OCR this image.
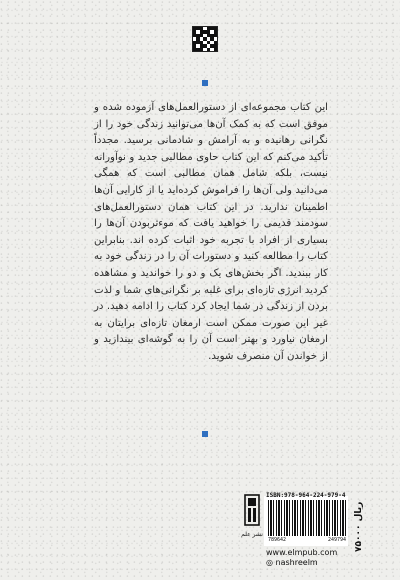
این کتاب مجموعه‌ای از دستورالعمل‌های آزموده شده و موفق است که به کمک آن‌ها می‌توانید زندگی خود را از نگرانی رهانیده و به آرامش و شادمانی برسید. مجدداً تأکید می‌کنم که این کتاب حاوی مطالبی جدید و نوآورانه نیست، بلکه شامل همان مطالبی است که همگی می‌دانید ولی آن‌ها را فراموش کرده‌اید یا از کارایی آن‌ها اطمینان ندارید. در این کتاب همان دستورالعمل‌های سودمند قدیمی را خواهید یافت که موءثربودن آن‌ها را بسیاری از افراد با تجربه خود اثبات کرده اند. بنابراین کتاب را مطالعه کنید و دستورات آن را در زندگی خود به کار ببندید. اگر بخش‌های یک و دو را خواندید و مشاهده کردید انرژی تازه‌ای برای غلبه بر نگرانی‌های شما و لذت بردن از زندگی در شما ایجاد کرد کتاب را ادامه دهید. در غیر این صورت ممکن است ارمغان تازه‌ای برایتان به ارمغان نیاورد و بهتر است آن را به گوشه‌ای بیندازید و از خواندن آن منصرف شوید.

نشر علم
ISBN:978-964-224-979-4
789642	249794 ۷۵۰۰۰ ریال
www.elmpub.com
◎ nashreelm
